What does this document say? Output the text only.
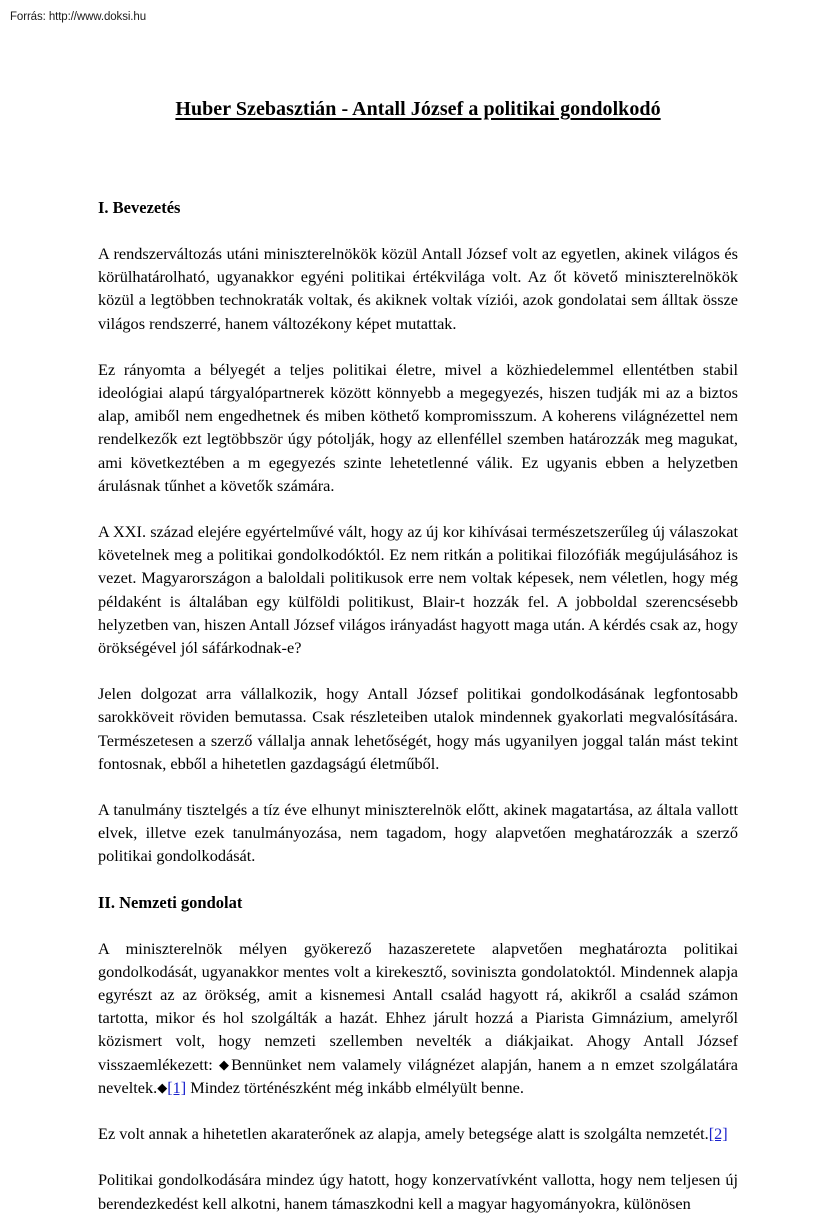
Forrás: http://www.doksi.hu
Huber Szebasztián - Antall József a politikai gondolkodó
I. Bevezetés

A rendszerváltozás utáni miniszterelnökök közül Antall József volt az egyetlen, akinek világos és körülhatárolható, ugyanakkor egyéni politikai értékvilága volt. Az őt követő miniszterelnökök közül a legtöbben technokraták voltak, és akiknek voltak víziói, azok gondolatai sem álltak össze világos rendszerré, hanem változékony képet mutattak.

Ez rányomta a bélyegét a teljes politikai életre, mivel a közhiedelemmel ellentétben stabil ideológiai alapú tárgyalópartnerek között könnyebb a megegyezés, hiszen tudják mi az a biztos alap, amiből nem engedhetnek és miben köthető kompromisszum. A koherens világnézettel nem rendelkezők ezt legtöbbször úgy pótolják, hogy az ellenféllel szemben határozzák meg magukat, ami következtében a m egegyezés szinte lehetetlenné válik. Ez ugyanis ebben a helyzetben árulásnak tűnhet a követők számára.

A XXI. század elejére egyértelművé vált, hogy az új kor kihívásai természetszerűleg új válaszokat követelnek meg a politikai gondolkodóktól. Ez nem ritkán a politikai filozófiák megújulásához is vezet. Magyarországon a baloldali politikusok erre nem voltak képesek, nem véletlen, hogy még példaként is általában egy külföldi politikust, Blair-t hozzák fel. A jobboldal szerencsésebb helyzetben van, hiszen Antall József világos irányadást hagyott maga után. A kérdés csak az, hogy örökségével jól sáfárkodnak-e?

Jelen dolgozat arra vállalkozik, hogy Antall József politikai gondolkodásának legfontosabb sarokköveit röviden bemutassa. Csak részleteiben utalok mindennek gyakorlati megvalósítására. Természetesen a szerző vállalja annak lehetőségét, hogy más ugyanilyen joggal talán mást tekint fontosnak, ebből a hihetetlen gazdagságú életműből.

A tanulmány tisztelgés a tíz éve elhunyt miniszterelnök előtt, akinek magatartása, az általa vallott elvek, illetve ezek tanulmányozása, nem tagadom, hogy alapvetően meghatározzák a szerző politikai gondolkodását.

II. Nemzeti gondolat

A miniszterelnök mélyen gyökerező hazaszeretete alapvetően meghatározta politikai gondolkodását, ugyanakkor mentes volt a kirekesztő, soviniszta gondolatoktól. Mindennek alapja egyrészt az az örökség, amit a kisnemesi Antall család hagyott rá, akikről a család számon tartotta, mikor és hol szolgálták a hazát. Ehhez járult hozzá a Piarista Gimnázium, amelyről közismert volt, hogy nemzeti szellemben nevelték a diákjaikat. Ahogy Antall József visszaemlékezett: ◆Bennünket nem valamely világnézet alapján, hanem a n emzet szolgálatára neveltek.◆[1] Mindez történészként még inkább elmélyült benne.

Ez volt annak a hihetetlen akaraterőnek az alapja, amely betegsége alatt is szolgálta nemzetét.[2]

Politikai gondolkodására mindez úgy hatott, hogy konzervatívként vallotta, hogy nem teljesen új berendezkedést kell alkotni, hanem támaszkodni kell a magyar hagyományokra, különösen
